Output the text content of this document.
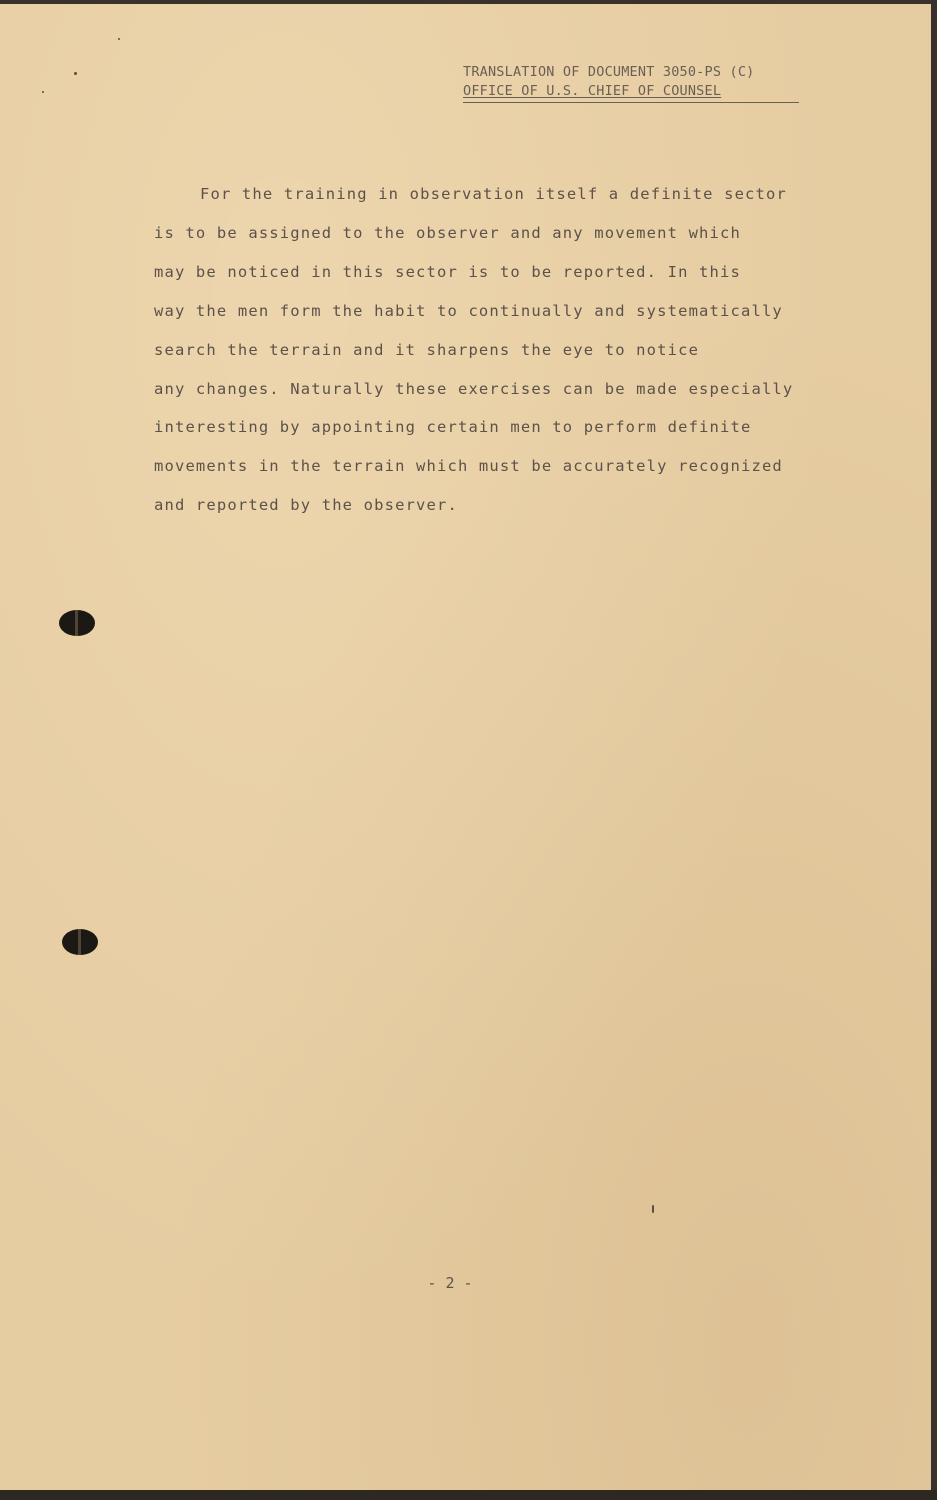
TRANSLATION OF DOCUMENT 3050-PS (C)
OFFICE OF U.S. CHIEF OF COUNSEL
For the training in observation itself a definite sector
is to be assigned to the observer and any movement which
may be noticed in this sector is to be reported. In this
way the men form the habit to continually and systematically
search the terrain and it sharpens the eye to notice
any changes. Naturally these exercises can be made especially
interesting by appointing certain men to perform definite
movements in the terrain which must be accurately recognized
and reported by the observer.
- 2 -
